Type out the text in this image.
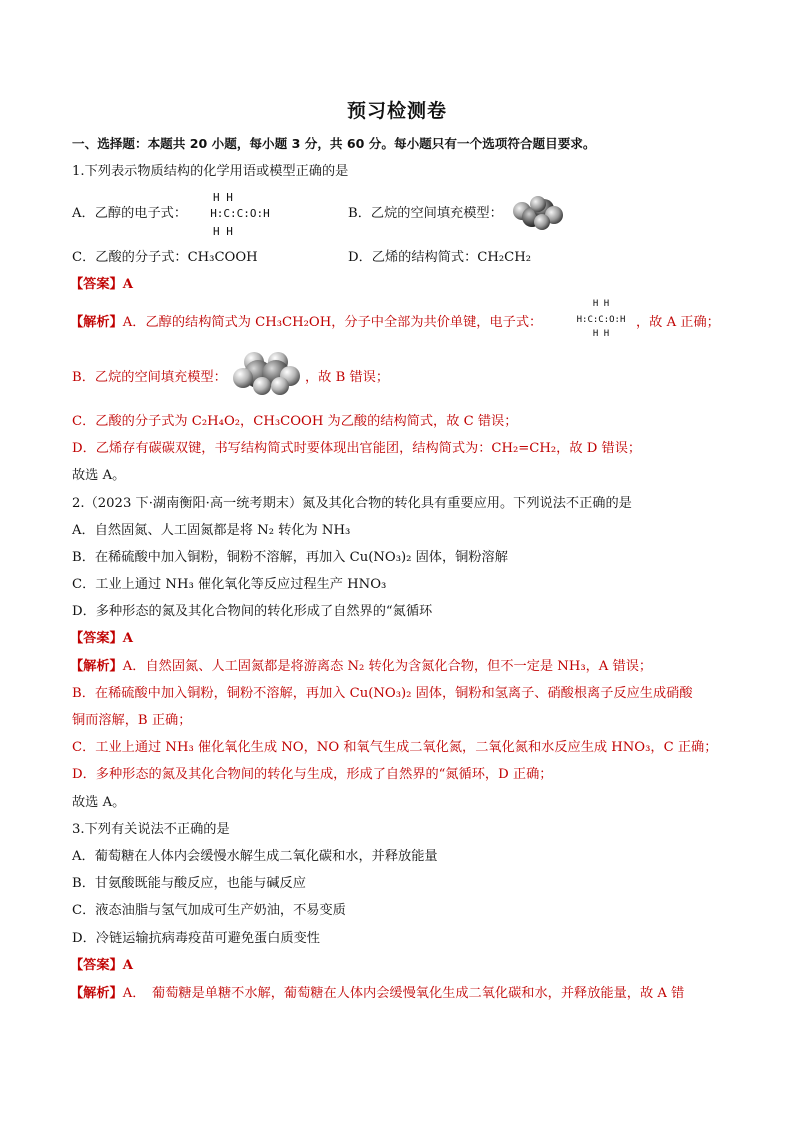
预习检测卷
一、选择题：本题共 20 小题，每小题 3 分，共 60 分。每小题只有一个选项符合题目要求。
1.下列表示物质结构的化学用语或模型正确的是
A．乙醇的电子式：
H H
H:C:C:O:H
H H
B．乙烷的空间填充模型：
C．乙酸的分子式：CH₃COOH	D．乙烯的结构简式：CH₂CH₂
【答案】A
【解析】A．乙醇的结构简式为 CH₃CH₂OH，分子中全部为共价单键，电子式：
H H
H:C:C:O:H
H H
，故 A 正确；
B．乙烷的空间填充模型：	，故 B 错误；
C．乙酸的分子式为 C₂H₄O₂，CH₃COOH 为乙酸的结构简式，故 C 错误；
D．乙烯存有碳碳双键，书写结构简式时要体现出官能团，结构简式为：CH₂=CH₂，故 D 错误；
故选 A。
2.（2023 下·湖南衡阳·高一统考期末）氮及其化合物的转化具有重要应用。下列说法不正确的是
A．自然固氮、人工固氮都是将 N₂ 转化为 NH₃
B．在稀硫酸中加入铜粉，铜粉不溶解，再加入 Cu(NO₃)₂ 固体，铜粉溶解
C．工业上通过 NH₃ 催化氧化等反应过程生产 HNO₃
D．多种形态的氮及其化合物间的转化形成了自然界的“氮循环
【答案】A
【解析】A．自然固氮、人工固氮都是将游离态 N₂ 转化为含氮化合物，但不一定是 NH₃，A 错误；
B．在稀硫酸中加入铜粉，铜粉不溶解，再加入 Cu(NO₃)₂ 固体，铜粉和氢离子、硝酸根离子反应生成硝酸
铜而溶解，B 正确；
C．工业上通过 NH₃ 催化氧化生成 NO，NO 和氧气生成二氧化氮，二氧化氮和水反应生成 HNO₃，C 正确；
D．多种形态的氮及其化合物间的转化与生成，形成了自然界的“氮循环，D 正确；
故选 A。
3.下列有关说法不正确的是
A．葡萄糖在人体内会缓慢水解生成二氧化碳和水，并释放能量
B．甘氨酸既能与酸反应，也能与碱反应
C．液态油脂与氢气加成可生产奶油，不易变质
D．冷链运输抗病毒疫苗可避免蛋白质变性
【答案】A
【解析】A．　葡萄糖是单糖不水解，葡萄糖在人体内会缓慢氧化生成二氧化碳和水，并释放能量，故 A 错
